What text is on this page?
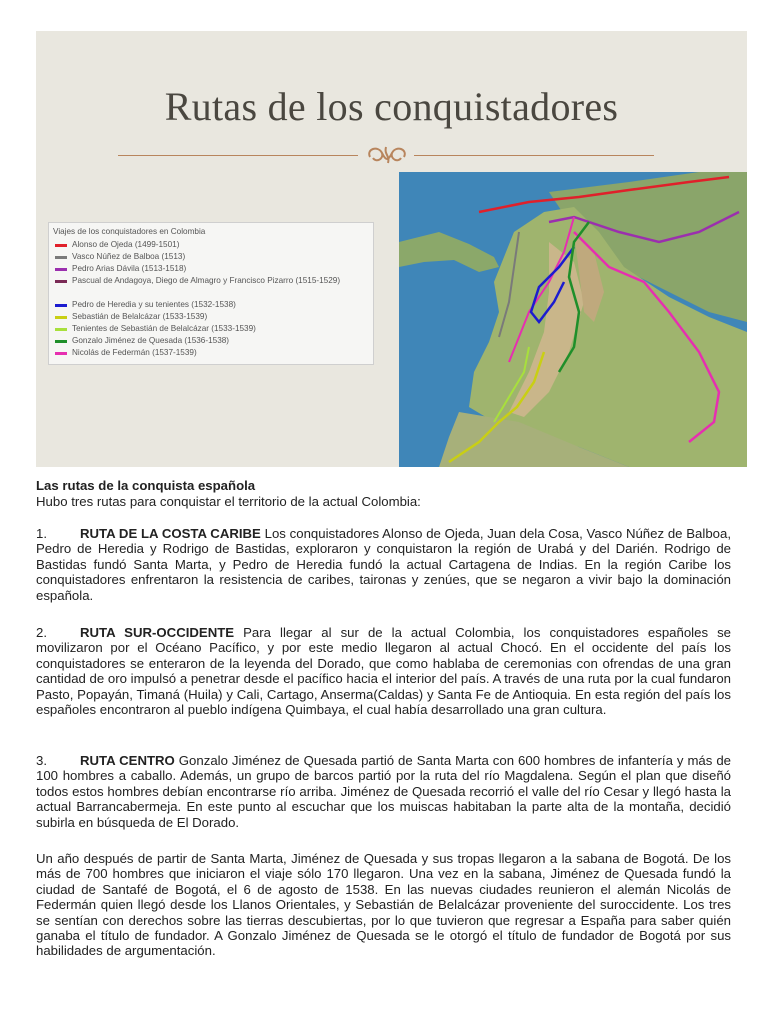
Rutas de los conquistadores
Viajes de los conquistadores en Colombia
Alonso de Ojeda (1499-1501)
Vasco Núñez de Balboa (1513)
Pedro Arias Dávila (1513-1518)
Pascual de Andagoya, Diego de Almagro y Francisco Pizarro (1515-1529)
Pedro de Heredia y su tenientes (1532-1538)
Sebastián de Belalcázar (1533-1539)
Tenientes de Sebastián de Belalcázar (1533-1539)
Gonzalo Jiménez de Quesada (1536-1538)
Nicolás de Federmán (1537-1539)
Las rutas de la conquista española
Hubo tres rutas para conquistar el territorio de la actual Colombia:
1.	RUTA DE LA COSTA CARIBE Los conquistadores Alonso de Ojeda, Juan dela Cosa, Vasco Núñez de Balboa, Pedro de Heredia y Rodrigo de Bastidas, exploraron y conquistaron la región de Urabá y del Darién. Rodrigo de Bastidas fundó Santa Marta, y Pedro de Heredia fundó la actual Cartagena de Indias. En la región Caribe los conquistadores enfrentaron la resistencia de caribes, taironas y zenúes, que se negaron a vivir bajo la dominación española.
2.	RUTA SUR-OCCIDENTE Para llegar al sur de la actual Colombia, los conquistadores españoles se movilizaron por el Océano Pacífico, y por este medio llegaron al actual Chocó. En el occidente del país los conquistadores se enteraron de la leyenda del Dorado, que como hablaba de ceremonias con ofrendas de una gran cantidad de oro impulsó a penetrar desde el pacífico hacia el interior del país. A través de una ruta por la cual fundaron Pasto, Popayán, Timaná (Huila) y Cali, Cartago, Anserma(Caldas) y Santa Fe de Antioquia. En esta región del país los españoles encontraron al pueblo indígena Quimbaya, el cual había desarrollado una gran cultura.
3.	RUTA CENTRO Gonzalo Jiménez de Quesada partió de Santa Marta con 600 hombres de infantería y más de 100 hombres a caballo. Además, un grupo de barcos partió por la ruta del río Magdalena. Según el plan que diseñó todos estos hombres debían encontrarse río arriba. Jiménez de Quesada recorrió el valle del río Cesar y llegó hasta la actual Barrancabermeja. En este punto al escuchar que los muiscas habitaban la parte alta de la montaña, decidió subirla en búsqueda de El Dorado.
Un año después de partir de Santa Marta, Jiménez de Quesada y sus tropas llegaron a la sabana de Bogotá. De los más de 700 hombres que iniciaron el viaje sólo 170 llegaron. Una vez en la sabana, Jiménez de Quesada fundó la ciudad de Santafé de Bogotá, el 6 de agosto de 1538. En las nuevas ciudades reunieron el alemán Nicolás de Federmán quien llegó desde los Llanos Orientales, y Sebastián de Belalcázar proveniente del suroccidente. Los tres se sentían con derechos sobre las tierras descubiertas, por lo que tuvieron que regresar a España para saber quién ganaba el título de fundador. A Gonzalo Jiménez de Quesada se le otorgó el título de fundador de Bogotá por sus habilidades de argumentación.
